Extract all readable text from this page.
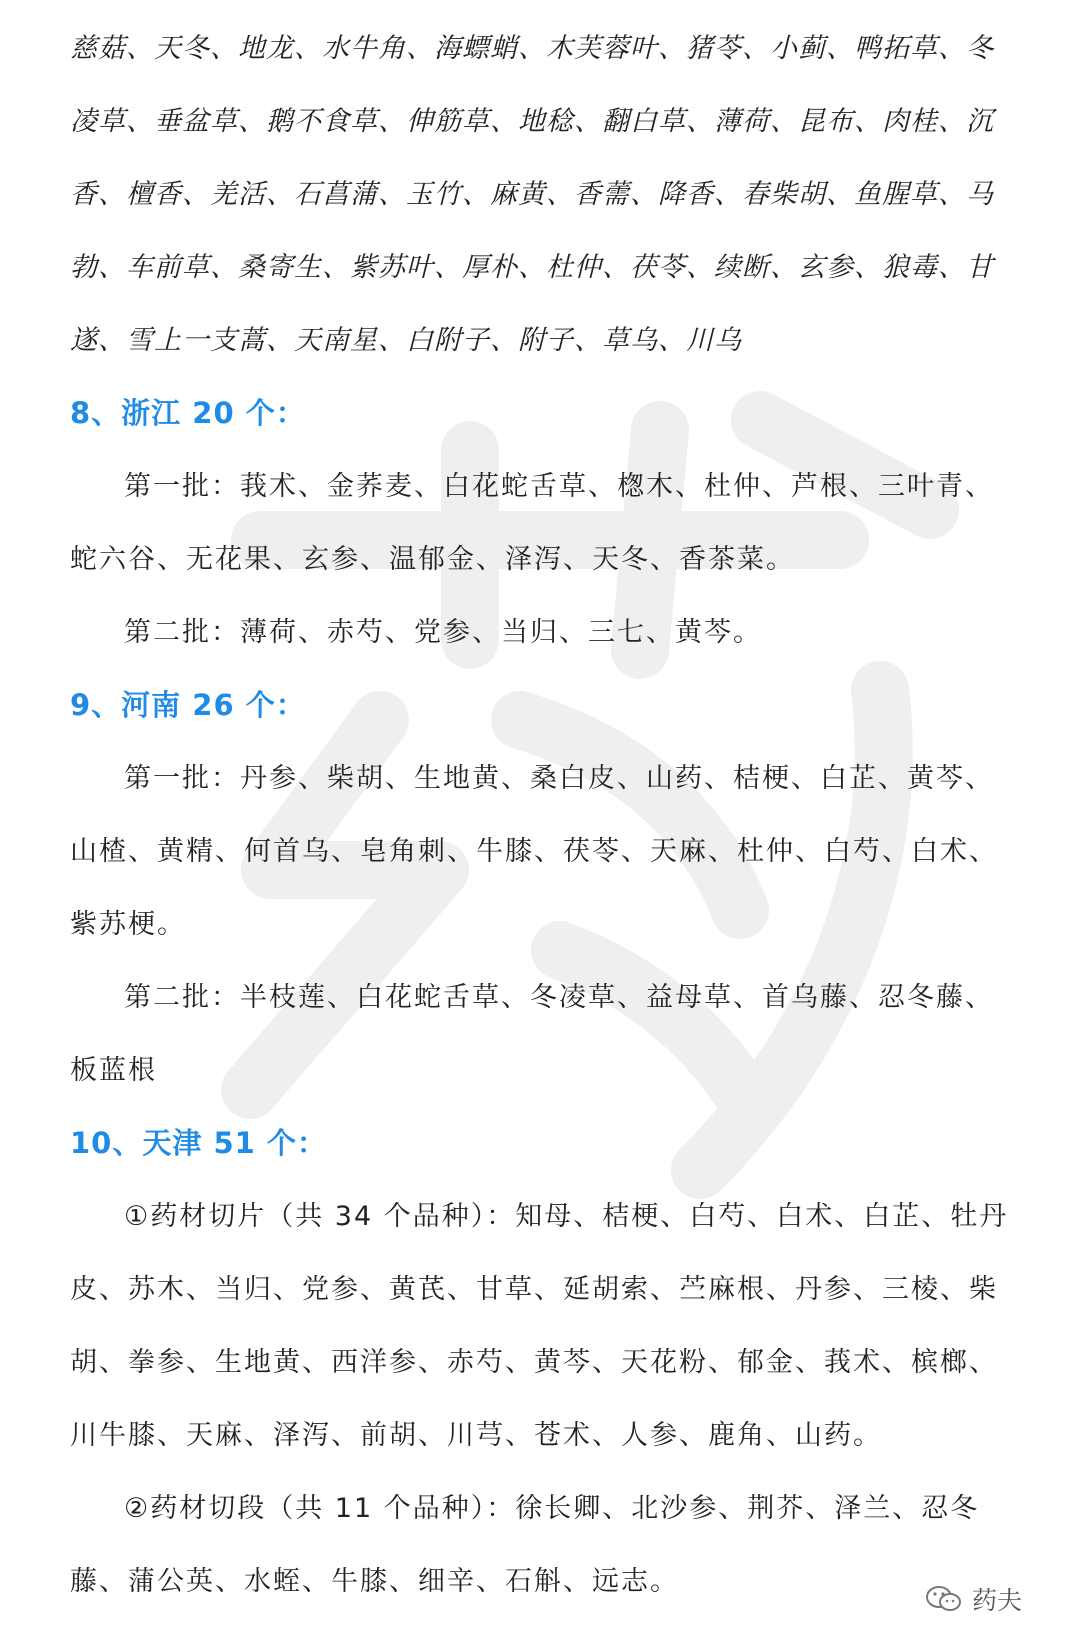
慈菇、天冬、地龙、水牛角、海螵蛸、木芙蓉叶、猪苓、小蓟、鸭拓草、冬凌草、垂盆草、鹅不食草、伸筋草、地稔、翻白草、薄荷、昆布、肉桂、沉香、檀香、羌活、石菖蒲、玉竹、麻黄、香薷、降香、春柴胡、鱼腥草、马勃、车前草、桑寄生、紫苏叶、厚朴、杜仲、茯苓、续断、玄参、狼毒、甘遂、雪上一支蒿、天南星、白附子、附子、草乌、川乌

8、浙江 20 个：

第一批：莪术、金荞麦、白花蛇舌草、楤木、杜仲、芦根、三叶青、蛇六谷、无花果、玄参、温郁金、泽泻、天冬、香茶菜。

第二批：薄荷、赤芍、党参、当归、三七、黄芩。

9、河南 26 个：

第一批：丹参、柴胡、生地黄、桑白皮、山药、桔梗、白芷、黄芩、山楂、黄精、何首乌、皂角刺、牛膝、茯苓、天麻、杜仲、白芍、白术、紫苏梗。

第二批：半枝莲、白花蛇舌草、冬凌草、益母草、首乌藤、忍冬藤、板蓝根

10、天津 51 个：

①药材切片（共 34 个品种）：知母、桔梗、白芍、白术、白芷、牡丹皮、苏木、当归、党参、黄芪、甘草、延胡索、苎麻根、丹参、三棱、柴胡、拳参、生地黄、西洋参、赤芍、黄芩、天花粉、郁金、莪术、槟榔、川牛膝、天麻、泽泻、前胡、川芎、苍术、人参、鹿角、山药。

②药材切段（共 11 个品种）：徐长卿、北沙参、荆芥、泽兰、忍冬藤、蒲公英、水蛭、牛膝、细辛、石斛、远志。

药夫
